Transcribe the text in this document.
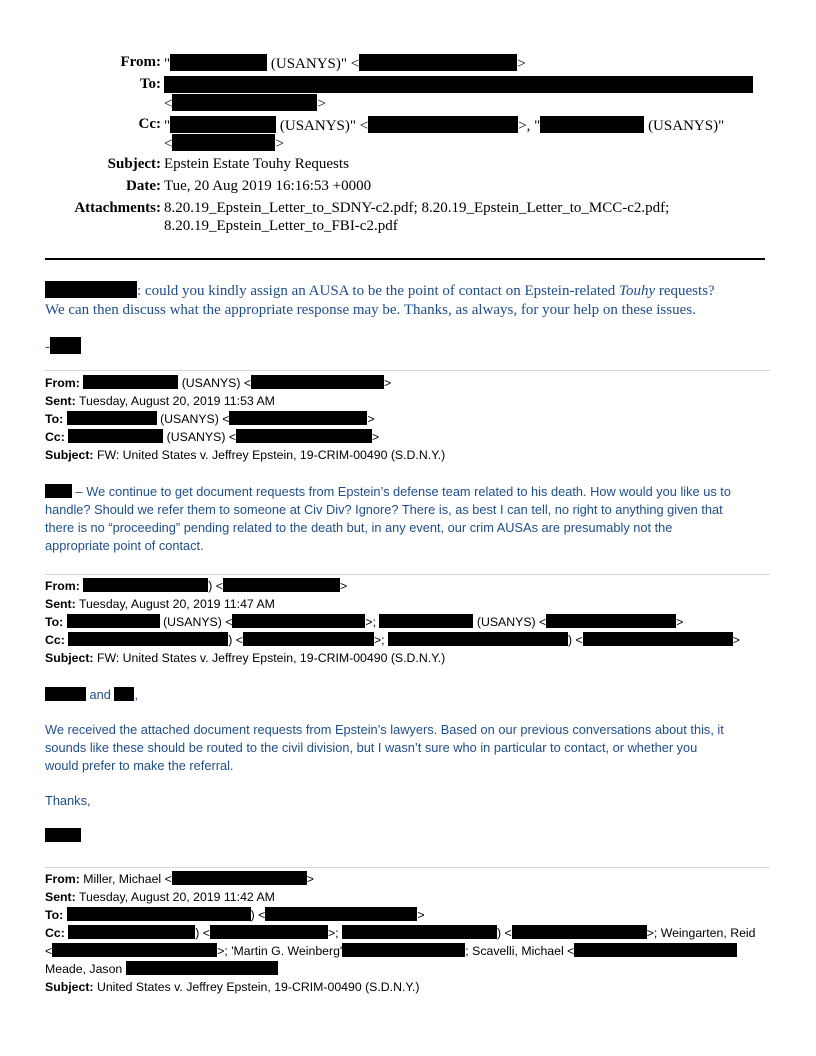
From: "	(USANYS)" <	>
To:
<	>
Cc: "	(USANYS)" <	>, "	(USANYS)"
<	>
Subject: Epstein Estate Touhy Requests
Date: Tue, 20 Aug 2019 16:16:53 +0000
Attachments: 8.20.19_Epstein_Letter_to_SDNY-c2.pdf; 8.20.19_Epstein_Letter_to_MCC-c2.pdf;
8.20.19_Epstein_Letter_to_FBI-c2.pdf
: could you kindly assign an AUSA to be the point of contact on Epstein-related Touhy requests?
We can then discuss what the appropriate response may be. Thanks, as always, for your help on these issues.
-
From:	(USANYS) <	>
Sent: Tuesday, August 20, 2019 11:53 AM
To:	(USANYS) <	>
Cc:	(USANYS) <	>
Subject: FW: United States v. Jeffrey Epstein, 19-CRIM-00490 (S.D.N.Y.)
– We continue to get document requests from Epstein’s defense team related to his death. How would you like us to
handle? Should we refer them to someone at Civ Div? Ignore? There is, as best I can tell, no right to anything given that
there is no “proceeding” pending related to the death but, in any event, our crim AUSAs are presumably not the
appropriate point of contact.
From:	) <	>
Sent: Tuesday, August 20, 2019 11:47 AM
To:	(USANYS) <	>;	(USANYS) <	>
Cc:	) <	>;	) <	>
Subject: FW: United States v. Jeffrey Epstein, 19-CRIM-00490 (S.D.N.Y.)
and ,
We received the attached document requests from Epstein’s lawyers. Based on our previous conversations about this, it
sounds like these should be routed to the civil division, but I wasn’t sure who in particular to contact, or whether you
would prefer to make the referral.
Thanks,
From: Miller, Michael <	>
Sent: Tuesday, August 20, 2019 11:42 AM
To:	) <	>
Cc:	) <	>;	) <	>; Weingarten, Reid
<	>; 'Martin G. Weinberg'	; Scavelli, Michael <
Meade, Jason
Subject: United States v. Jeffrey Epstein, 19-CRIM-00490 (S.D.N.Y.)
